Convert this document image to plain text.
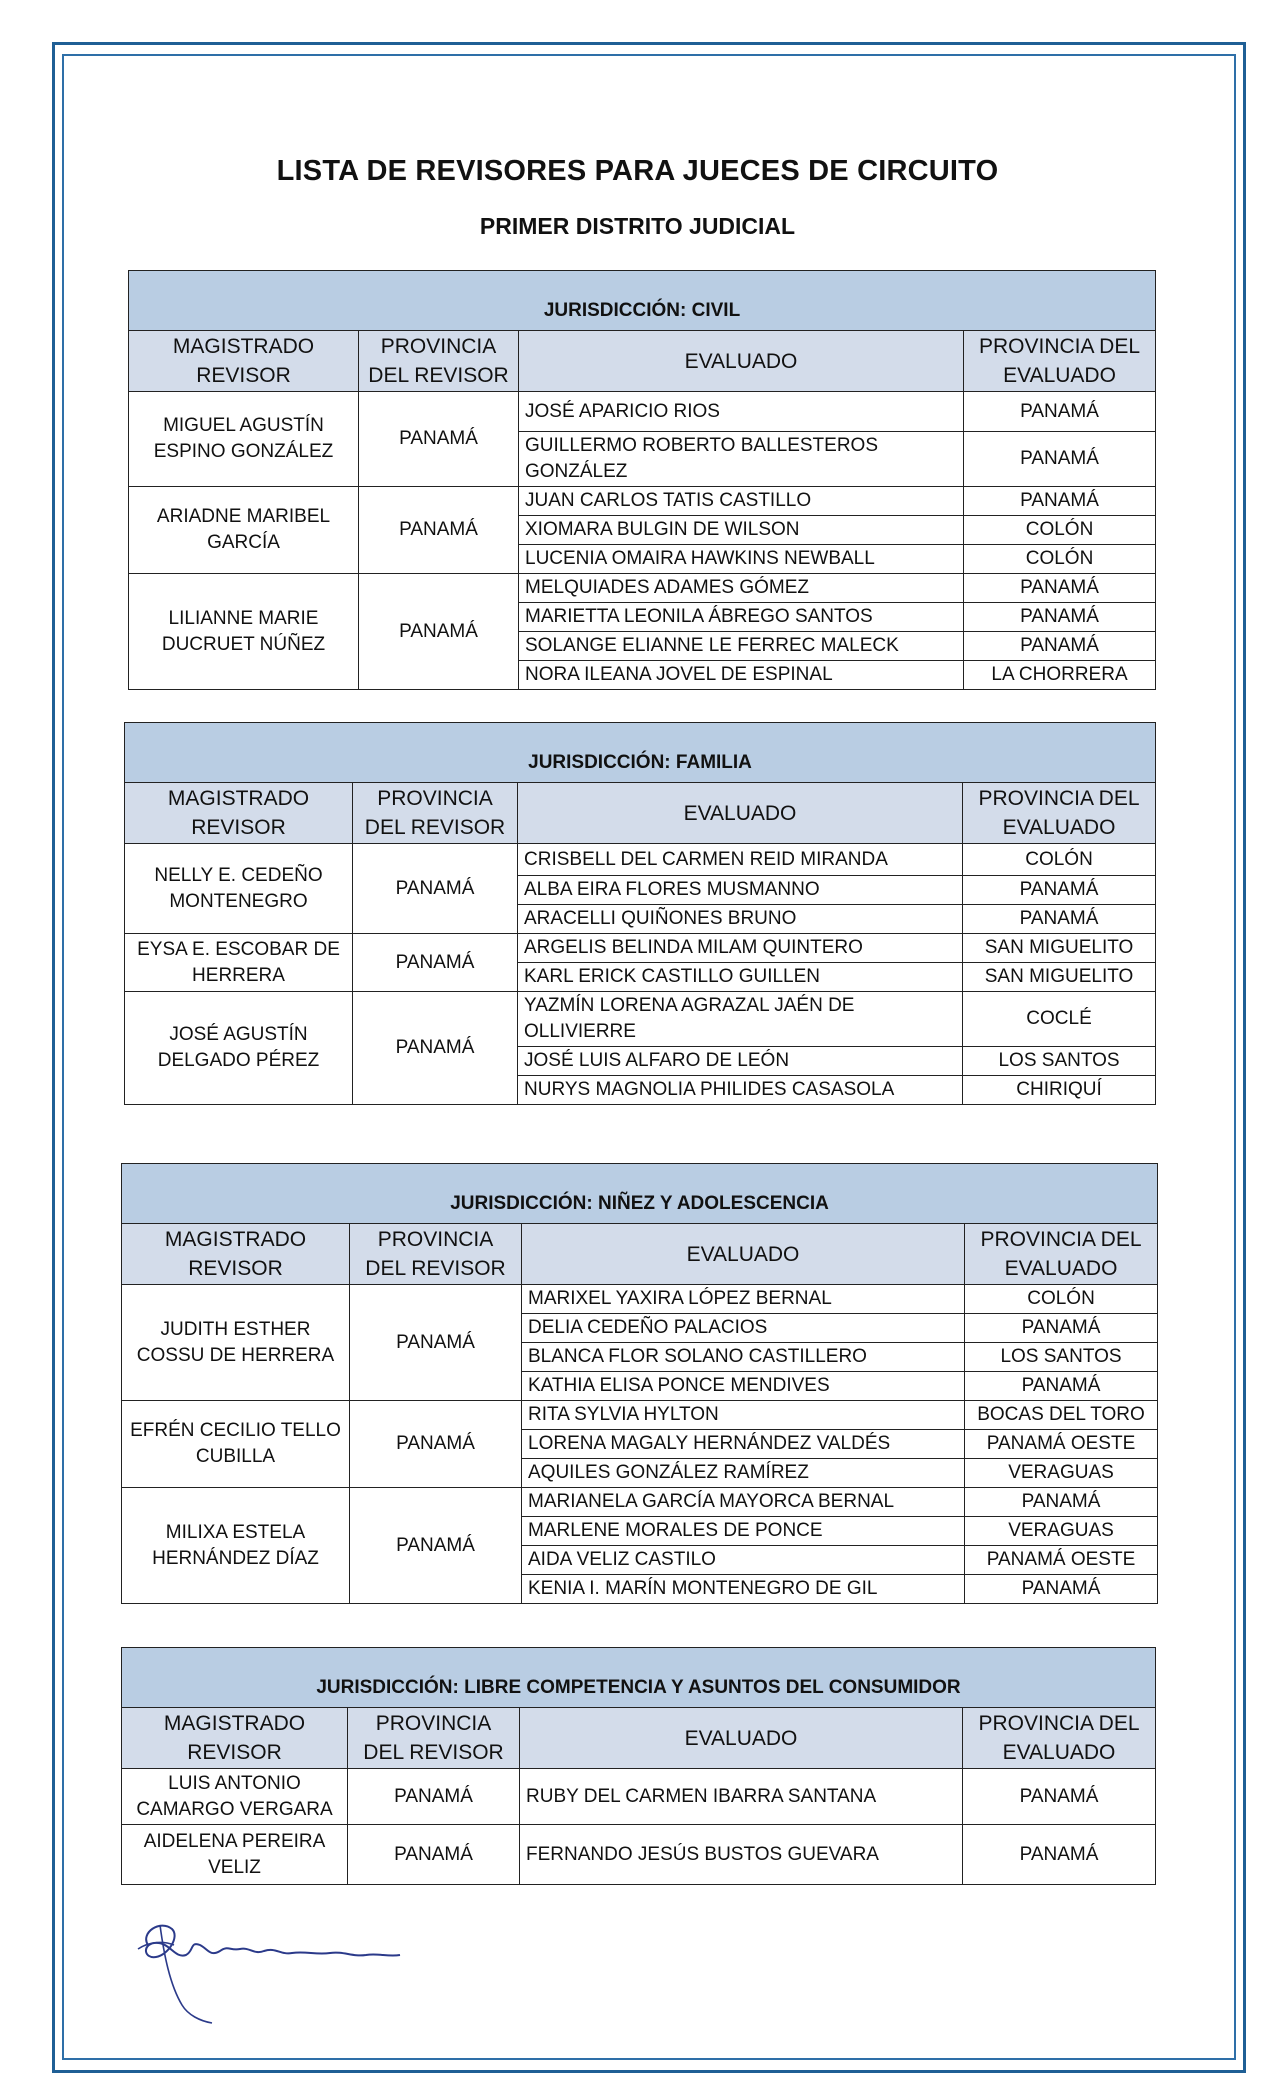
LISTA DE REVISORES PARA JUECES DE CIRCUITO
PRIMER DISTRITO JUDICIAL
JURISDICCIÓN: CIVIL			
MAGISTRADO REVISOR	PROVINCIA DEL REVISOR	EVALUADO	PROVINCIA DEL EVALUADO
MIGUEL AGUSTÍN ESPINO GONZÁLEZ	PANAMÁ	JOSÉ APARICIO RIOS	PANAMÁ
		GUILLERMO ROBERTO BALLESTEROS GONZÁLEZ	PANAMÁ
ARIADNE MARIBEL GARCÍA	PANAMÁ	JUAN CARLOS TATIS CASTILLO	PANAMÁ
		XIOMARA BULGIN DE WILSON	COLÓN
		LUCENIA OMAIRA HAWKINS NEWBALL	COLÓN
LILIANNE MARIE DUCRUET NÚÑEZ	PANAMÁ	MELQUIADES ADAMES GÓMEZ	PANAMÁ
		MARIETTA LEONILA ÁBREGO SANTOS	PANAMÁ
		SOLANGE ELIANNE LE FERREC MALECK	PANAMÁ
		NORA ILEANA JOVEL DE ESPINAL	LA CHORRERA
JURISDICCIÓN: FAMILIA			
MAGISTRADO REVISOR	PROVINCIA DEL REVISOR	EVALUADO	PROVINCIA DEL EVALUADO
NELLY E. CEDEÑO MONTENEGRO	PANAMÁ	CRISBELL DEL CARMEN REID MIRANDA	COLÓN
		ALBA EIRA FLORES MUSMANNO	PANAMÁ
		ARACELLI QUIÑONES BRUNO	PANAMÁ
EYSA E. ESCOBAR DE HERRERA	PANAMÁ	ARGELIS BELINDA MILAM QUINTERO	SAN MIGUELITO
		KARL ERICK CASTILLO GUILLEN	SAN MIGUELITO
JOSÉ AGUSTÍN DELGADO PÉREZ	PANAMÁ	YAZMÍN LORENA AGRAZAL JAÉN DE OLLIVIERRE	COCLÉ
		JOSÉ LUIS ALFARO DE LEÓN	LOS SANTOS
		NURYS MAGNOLIA PHILIDES CASASOLA	CHIRIQUÍ
JURISDICCIÓN: NIÑEZ Y ADOLESCENCIA			
MAGISTRADO REVISOR	PROVINCIA DEL REVISOR	EVALUADO	PROVINCIA DEL EVALUADO
JUDITH ESTHER COSSU DE HERRERA	PANAMÁ	MARIXEL YAXIRA LÓPEZ BERNAL	COLÓN
		DELIA CEDEÑO PALACIOS	PANAMÁ
		BLANCA FLOR SOLANO CASTILLERO	LOS SANTOS
		KATHIA ELISA PONCE MENDIVES	PANAMÁ
EFRÉN CECILIO TELLO CUBILLA	PANAMÁ	RITA SYLVIA HYLTON	BOCAS DEL TORO
		LORENA MAGALY HERNÁNDEZ VALDÉS	PANAMÁ OESTE
		AQUILES GONZÁLEZ RAMÍREZ	VERAGUAS
MILIXA ESTELA HERNÁNDEZ DÍAZ	PANAMÁ	MARIANELA GARCÍA MAYORCA BERNAL	PANAMÁ
		MARLENE MORALES DE PONCE	VERAGUAS
		AIDA VELIZ CASTILO	PANAMÁ OESTE
		KENIA I. MARÍN MONTENEGRO DE GIL	PANAMÁ
JURISDICCIÓN: LIBRE COMPETENCIA Y ASUNTOS DEL CONSUMIDOR			
MAGISTRADO REVISOR	PROVINCIA DEL REVISOR	EVALUADO	PROVINCIA DEL EVALUADO
LUIS ANTONIO CAMARGO VERGARA	PANAMÁ	RUBY DEL CARMEN IBARRA SANTANA	PANAMÁ
AIDELENA PEREIRA VELIZ	PANAMÁ	FERNANDO JESÚS BUSTOS GUEVARA	PANAMÁ
